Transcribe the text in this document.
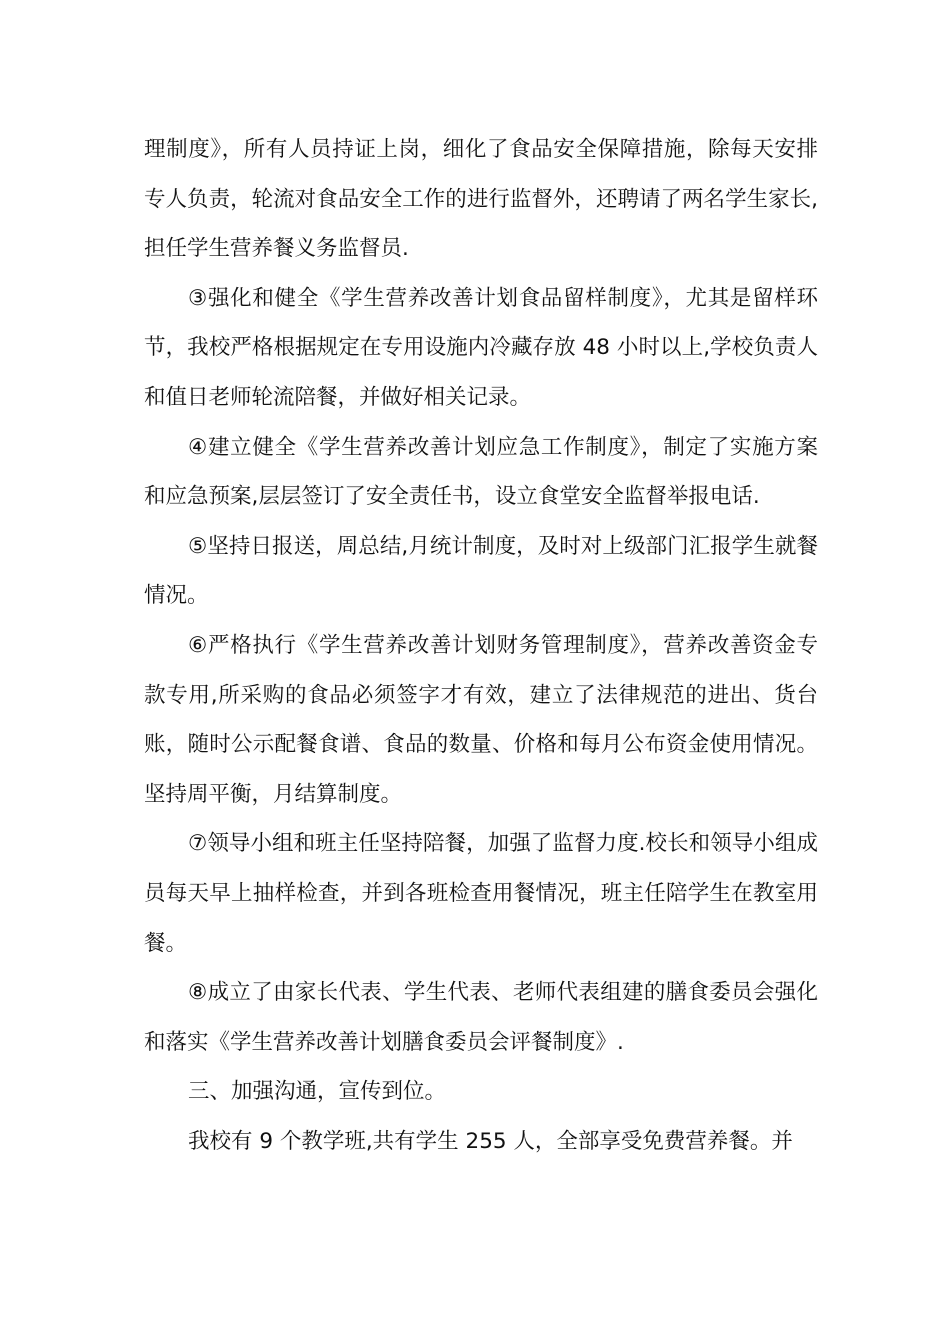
理制度》，所有人员持证上岗，细化了食品安全保障措施，除每天安排专人负责，轮流对食品安全工作的进行监督外，还聘请了两名学生家长,担任学生营养餐义务监督员.

③强化和健全《学生营养改善计划食品留样制度》，尤其是留样环节，我校严格根据规定在专用设施内冷藏存放 48 小时以上,学校负责人和值日老师轮流陪餐，并做好相关记录。

④建立健全《学生营养改善计划应急工作制度》，制定了实施方案和应急预案,层层签订了安全责任书，设立食堂安全监督举报电话.

⑤坚持日报送，周总结,月统计制度，及时对上级部门汇报学生就餐情况。

⑥严格执行《学生营养改善计划财务管理制度》，营养改善资金专款专用,所采购的食品必须签字才有效，建立了法律规范的进出、货台账，随时公示配餐食谱、食品的数量、价格和每月公布资金使用情况。坚持周平衡，月结算制度。

⑦领导小组和班主任坚持陪餐，加强了监督力度.校长和领导小组成员每天早上抽样检查，并到各班检查用餐情况，班主任陪学生在教室用餐。

⑧成立了由家长代表、学生代表、老师代表组建的膳食委员会强化和落实《学生营养改善计划膳食委员会评餐制度》.

三、加强沟通，宣传到位。

我校有 9 个教学班,共有学生 255 人，全部享受免费营养餐。并
